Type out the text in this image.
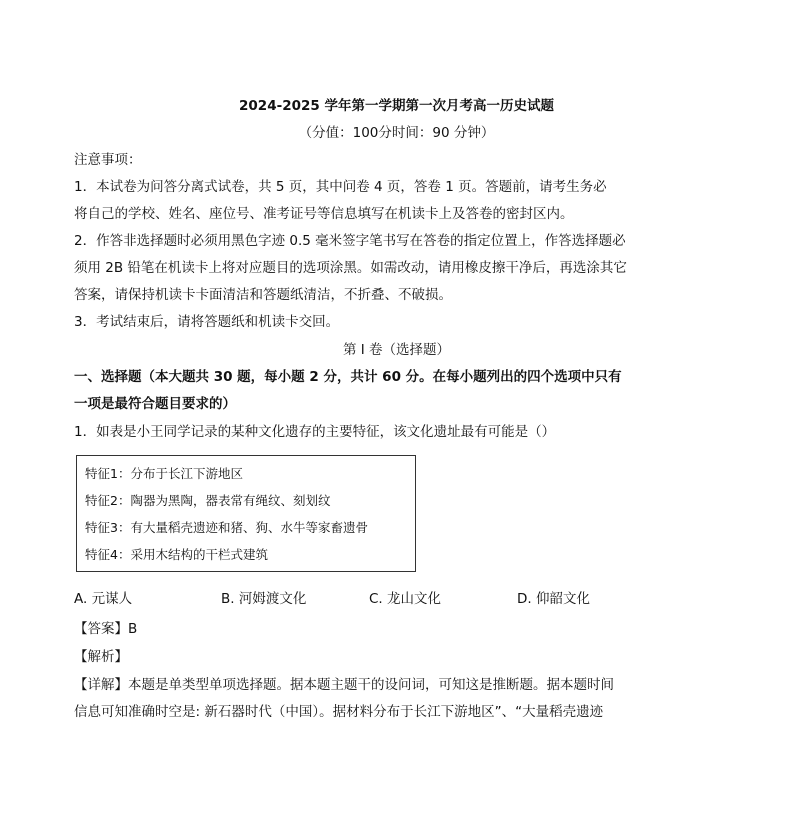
2024-2025 学年第一学期第一次月考高一历史试题
（分值：100分时间：90 分钟）
注意事项：
1．本试卷为问答分离式试卷，共 5 页，其中问卷 4 页，答卷 1 页。答题前，请考生务必
将自己的学校、姓名、座位号、准考证号等信息填写在机读卡上及答卷的密封区内。
2．作答非选择题时必须用黑色字迹 0.5 毫米签字笔书写在答卷的指定位置上，作答选择题必
须用 2B 铅笔在机读卡上将对应题目的选项涂黑。如需改动，请用橡皮擦干净后，再选涂其它
答案，请保持机读卡卡面清洁和答题纸清洁，不折叠、不破损。
3．考试结束后，请将答题纸和机读卡交回。
第 I 卷（选择题）
一、选择题（本大题共 30 题，每小题 2 分，共计 60 分。在每小题列出的四个选项中只有
一项是最符合题目要求的）
1．如表是小王同学记录的某种文化遗存的主要特征，该文化遗址最有可能是（）
特征1：分布于长江下游地区
特征2：陶器为黑陶，器表常有绳纹、刻划纹
特征3：有大量稻壳遗迹和猪、狗、水牛等家畜遗骨
特征4：采用木结构的干栏式建筑
A. 元谋人	B. 河姆渡文化	C. 龙山文化	D. 仰韶文化
【答案】B
【解析】
【详解】本题是单类型单项选择题。据本题主题干的设问词，可知这是推断题。据本题时间
信息可知准确时空是: 新石器时代（中国）。据材料分布于长江下游地区”、“大量稻壳遗迹
